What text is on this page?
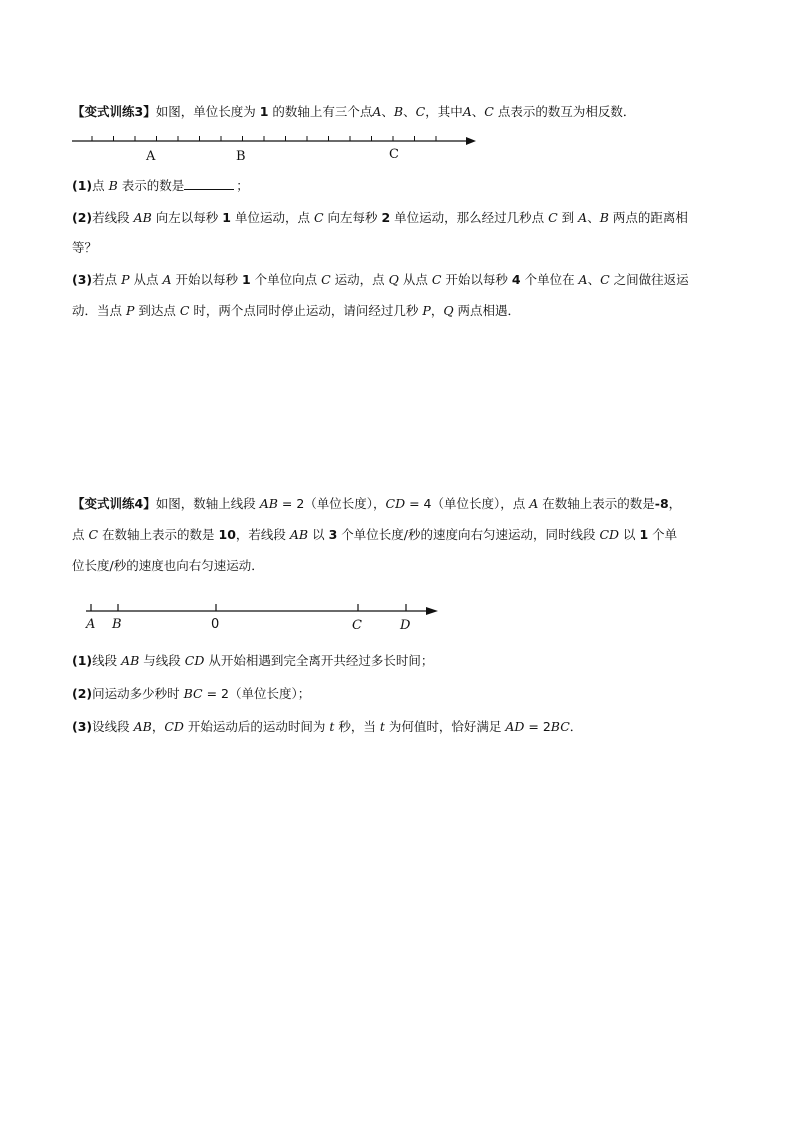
【变式训练3】如图，单位长度为 1 的数轴上有三个点A、B、C，其中A、C 点表示的数互为相反数．
A	B	C
A B	0	C	D
(1)点 B 表示的数是	；
(2)若线段 AB 向左以每秒 1 单位运动，点 C 向左每秒 2 单位运动，那么经过几秒点 C 到 A、B 两点的距离相
等？
(3)若点 P 从点 A 开始以每秒 1 个单位向点 C 运动，点 Q 从点 C 开始以每秒 4 个单位在 A、C 之间做往返运
动．当点 P 到达点 C 时，两个点同时停止运动，请问经过几秒 P，Q 两点相遇．
【变式训练4】如图，数轴上线段 AB = 2（单位长度），CD = 4（单位长度），点 A 在数轴上表示的数是-8，
点 C 在数轴上表示的数是 10，若线段 AB 以 3 个单位长度/秒的速度向右匀速运动，同时线段 CD 以 1 个单
位长度/秒的速度也向右匀速运动．
(1)线段 AB 与线段 CD 从开始相遇到完全离开共经过多长时间；
(2)问运动多少秒时 BC = 2（单位长度）；
(3)设线段 AB，CD 开始运动后的运动时间为 t 秒，当 t 为何值时，恰好满足 AD = 2BC．
